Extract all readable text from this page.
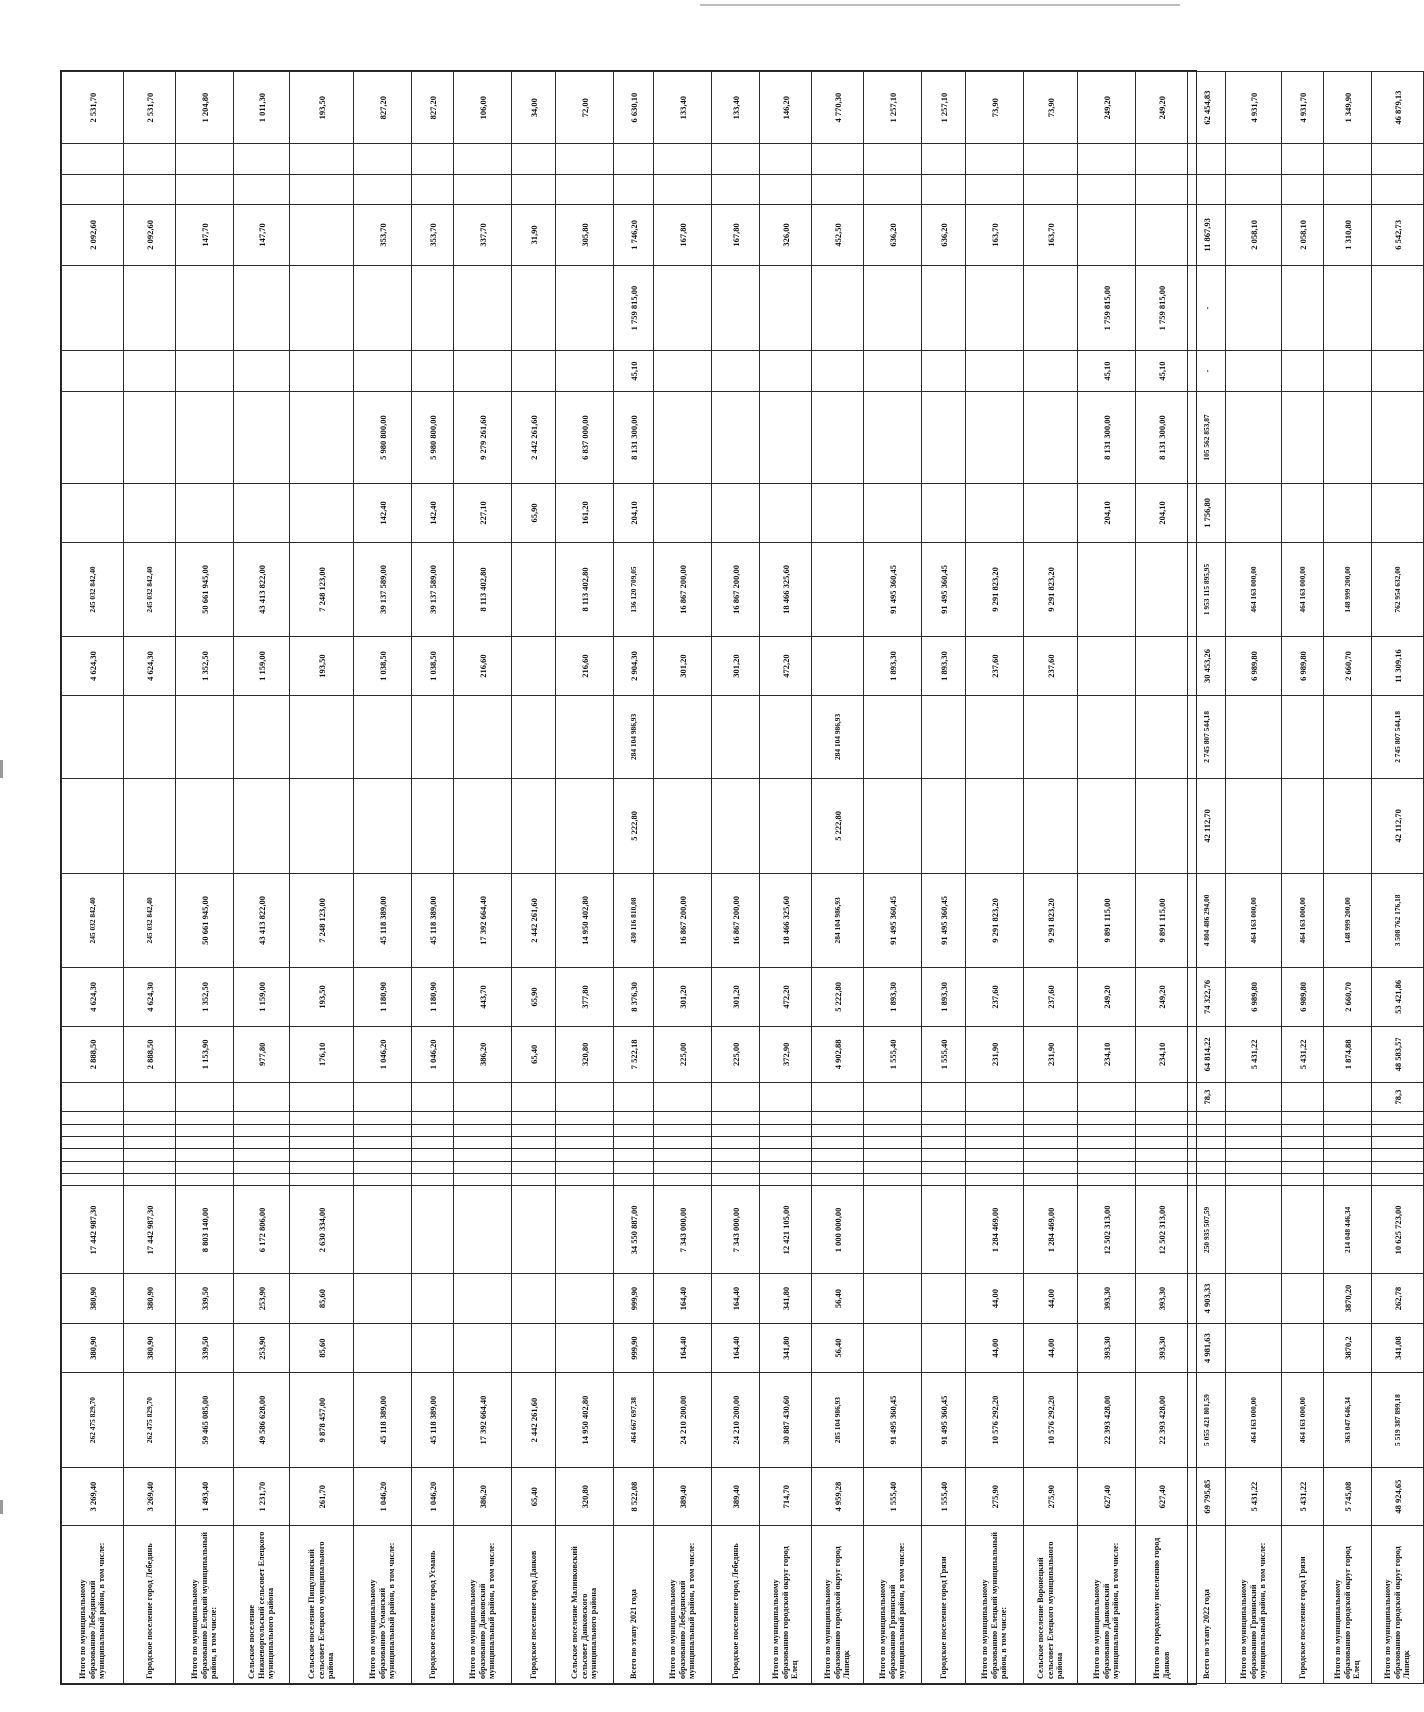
Итого по муниципальному образованию Лебедянский муниципальный район, в том числе:	3 269,40	262 475 829,70	380,90	380,90	17 442 987,30								2 888,50	4 624,30	245 032 842,40			4 624,30	245 032 842,40					2 092,60			2 531,70
Городское поселение город Лебедянь	3 269,40	262 475 829,70	380,90	380,90	17 442 987,30								2 888,50	4 624,30	245 032 842,40			4 624,30	245 032 842,40					2 092,60			2 531,70
Итого по муниципальному образованию Елецкий муниципальный район, в том числе:	1 493,40	59 465 085,00	339,50	339,50	8 803 140,00								1 153,90	1 352,50	50 661 945,00			1 352,50	50 661 945,00					147,70			1 204,80
Сельское поселение Нижневоргольский сельсовет Елецкого муниципального района	1 231,70	49 586 628,00	253,90	253,90	6 172 806,00								977,80	1 159,00	43 413 822,00			1 159,00	43 413 822,00					147,70			1 011,30
Сельское поселение Пищулинский сельсовет Елецкого муниципального района	261,70	9 878 457,00	85,60	85,60	2 630 334,00								176,10	193,50	7 248 123,00			193,50	7 248 123,00								193,50
Итого по муниципальному образованию Усманский муниципальный район, в том числе:	1 046,20	45 118 389,00											1 046,20	1 180,90	45 118 389,00			1 038,50	39 137 589,00	142,40	5 980 800,00			353,70			827,20
Городское поселение город Усмань	1 046,20	45 118 389,00											1 046,20	1 180,90	45 118 389,00			1 038,50	39 137 589,00	142,40	5 980 800,00			353,70			827,20
Итого по муниципальному образованию Данковский муниципальный район, в том числе:	386,20	17 392 664,40											386,20	443,70	17 392 664,40			216,60	8 113 402,80	227,10	9 279 261,60			337,70			106,00
Городское поселение город Данков	65,40	2 442 261,60											65,40	65,90	2 442 261,60					65,90	2 442 261,60			31,90			34,00
Сельское поселение Малинковский сельсовет Данковского муниципального района	320,80	14 950 402,80											320,80	377,80	14 950 402,80			216,60	8 113 402,80	161,20	6 837 000,00			305,80			72,00
Всего по этапу 2021 года	8 522,08	464 667 697,38	999,90	999,90	34 550 887,00								7 522,18	8 376,30	430 116 810,08	5 222,80	284 104 986,93	2 904,30	136 120 709,05	204,10	8 131 300,00	45,10	1 759 815,00	1 746,20			6 630,10
Итого по муниципальному образованию Лебедянский муниципальный район, в том числе:	389,40	24 210 200,00	164,40	164,40	7 343 000,00								225,00	301,20	16 867 200,00			301,20	16 867 200,00					167,80			133,40
Городское поселение город Лебедянь	389,40	24 210 200,00	164,40	164,40	7 343 000,00								225,00	301,20	16 867 200,00			301,20	16 867 200,00					167,80			133,40
Итого по муниципальному образованию городской округ город Елец	714,70	30 887 430,60	341,80	341,80	12 421 105,00								372,90	472,20	18 466 325,60			472,20	18 466 325,60					326,00			146,20
Итого по муниципальному образованию городской округ город Липецк	4 959,28	285 104 986,93	56,40	56,40	1 000 000,00								4 902,88	5 222,80	284 104 986,93	5 222,80	284 104 986,93							452,50			4 770,30
Итого по муниципальному образованию Грязинский муниципальный район, в том числе:	1 555,40	91 495 360,45											1 555,40	1 893,30	91 495 360,45			1 893,30	91 495 360,45					636,20			1 257,10
Городское поселение город Грязи	1 555,40	91 495 360,45											1 555,40	1 893,30	91 495 360,45			1 893,30	91 495 360,45					636,20			1 257,10
Итого по муниципальному образованию Елецкий муниципальный район, в том числе:	275,90	10 576 292,20	44,00	44,00	1 284 469,00								231,90	237,60	9 291 823,20			237,60	9 291 823,20					163,70			73,90
Сельское поселение Воронецкий сельсовет Елецкого муниципального района	275,90	10 576 292,20	44,00	44,00	1 284 469,00								231,90	237,60	9 291 823,20			237,60	9 291 823,20					163,70			73,90
Итого по муниципальному образованию Данковский муниципальный район, в том числе:	627,40	22 393 428,00	393,30	393,30	12 502 313,00								234,10	249,20	9 891 115,00					204,10	8 131 300,00	45,10	1 759 815,00				249,20
Итого по городскому поселению город Данков	627,40	22 393 428,00	393,30	393,30	12 502 313,00								234,10	249,20	9 891 115,00					204,10	8 131 300,00	45,10	1 759 815,00				249,20
Всего по этапу 2022 года	69 795,85	5 055 421 801,59	4 981,63	4 903,33	250 935 507,59							78,3	64 814,22	74 322,76	4 804 486 294,00	42 112,70	2 745 807 544,18	30 453,26	1 953 115 895,95	1 756,80	105 562 853,87	-	-	11 867,93			62 454,83
Итого по муниципальному образованию Грязинский муниципальный район, в том числе:	5 431,22	464 163 000,00											5 431,22	6 989,80	464 163 000,00			6 989,80	464 163 000,00					2 058,10			4 931,70
Городское поселение город Грязи	5 431,22	464 163 000,00											5 431,22	6 989,80	464 163 000,00			6 989,80	464 163 000,00					2 058,10			4 931,70
Итого по муниципальному образованию городской округ город Елец	5 745,08	363 047 646,34	3870,2	3870,20	214 048 446,34								1 874,88	2 660,70	148 999 200,00			2 660,70	148 999 200,00					1 310,80			1 349,90
Итого по муниципальному образованию городской округ город Липецк	48 924,65	5 519 387 899,18	341,08	262,78	10 625 723,00							78,3	48 583,57	53 421,86	3 508 762 176,18	42 112,70	2 745 807 544,18	11 309,16	762 954 632,00					6 542,73			46 879,13
